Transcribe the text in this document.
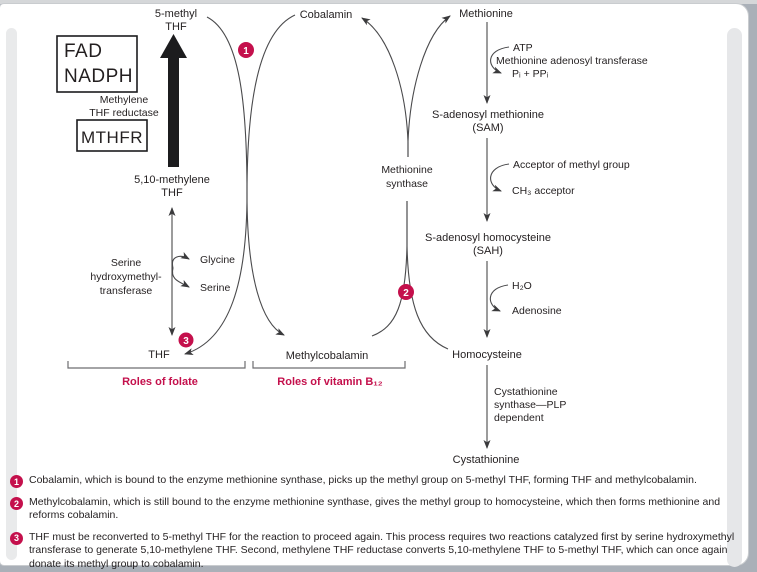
FAD
NADPH
Methylene
THF reductase
MTHFR
5-methyl
THF
5,10-methylene
THF
Serine
hydroxymethyl-
transferase
Glycine
Serine
THF
Cobalamin
Methylcobalamin
Methionine
synthase
Methionine
ATP
Methionine adenosyl transferase
Pᵢ + PPᵢ
S-adenosyl methionine
(SAM)
Acceptor of methyl group
CH₃ acceptor
S-adenosyl homocysteine
(SAH)
H₂O
Adenosine
Homocysteine
Cystathionine
synthase—PLP
dependent
Cystathionine
Roles of folate	Roles of vitamin B₁₂
1
2
3
1 Cobalamin, which is bound to the enzyme methionine synthase, picks up the methyl group on 5-methyl THF, forming THF and methylcobalamin.
2 Methylcobalamin, which is still bound to the enzyme methionine synthase, gives the methyl group to homocysteine, which then forms methionine and reforms cobalamin.
3 THF must be reconverted to 5-methyl THF for the reaction to proceed again. This process requires two reactions catalyzed first by serine hydroxymethyl transferase to generate 5,10-methylene THF. Second, methylene THF reductase converts 5,10-methylene THF to 5-methyl THF, which can once again donate its methyl group to cobalamin.
